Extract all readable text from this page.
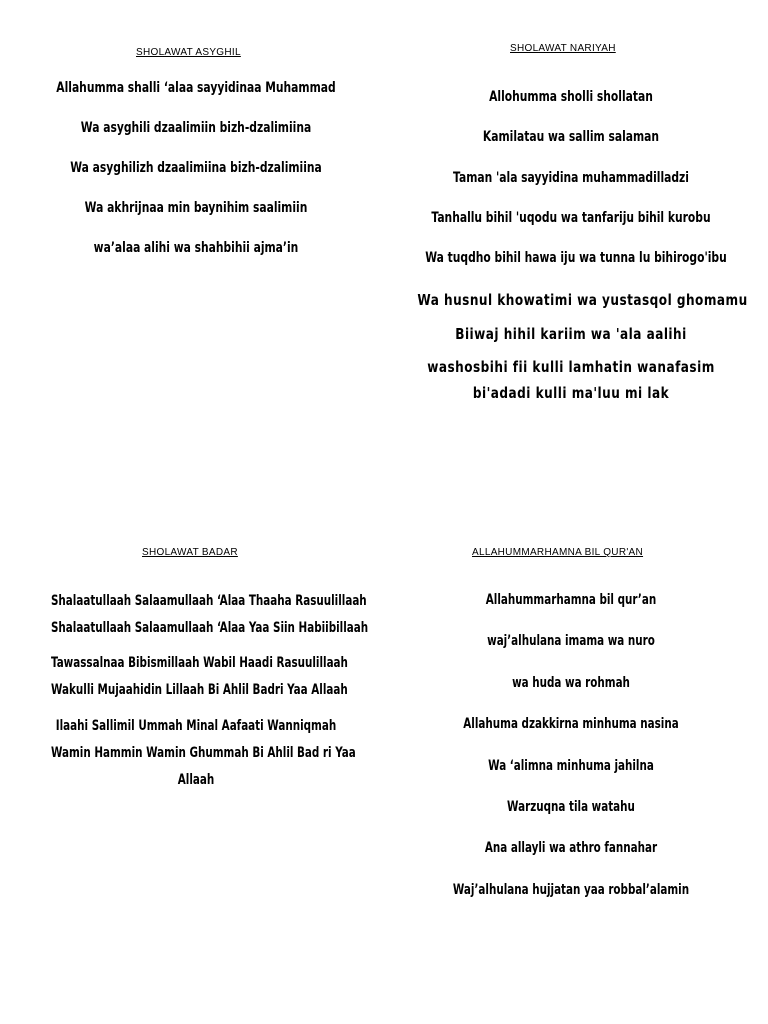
SHOLAWAT ASYGHIL
Allahumma shalli ‘alaa sayyidinaa Muhammad
Wa asyghili dzaalimiin bizh-dzalimiina
Wa asyghilizh dzaalimiina bizh-dzalimiina
Wa akhrijnaa min baynihim saalimiin
wa’alaa alihi wa shahbihii ajma’in
SHOLAWAT NARIYAH
Allohumma sholli shollatan
Kamilatau wa sallim salaman
Taman 'ala sayyidina muhammadilladzi
Tanhallu bihil 'uqodu wa tanfariju bihil kurobu
Wa tuqdho bihil hawa iju wa tunna lu bihirogo'ibu
Wa husnul khowatimi wa yustasqol ghomamu
Biiwaj hihil kariim wa 'ala aalihi
washosbihi fii kulli lamhatin wanafasim
bi'adadi kulli ma'luu mi lak
SHOLAWAT BADAR
Shalaatullaah Salaamullaah ‘Alaa Thaaha Rasuulillaah
Shalaatullaah Salaamullaah ‘Alaa Yaa Siin Habiibillaah
Tawassalnaa Bibismillaah Wabil Haadi Rasuulillaah
Wakulli Mujaahidin Lillaah Bi Ahlil Badri Yaa Allaah
Ilaahi Sallimil Ummah Minal Aafaati Wanniqmah
Wamin Hammin Wamin Ghummah Bi Ahlil Bad ri Yaa
Allaah
ALLAHUMMARHAMNA BIL QUR'AN
Allahummarhamna bil qur’an
waj’alhulana imama wa nuro
wa huda wa rohmah
Allahuma dzakkirna minhuma nasina
Wa ‘alimna minhuma jahilna
Warzuqna tila watahu
Ana allayli wa athro fannahar
Waj’alhulana hujjatan yaa robbal’alamin
